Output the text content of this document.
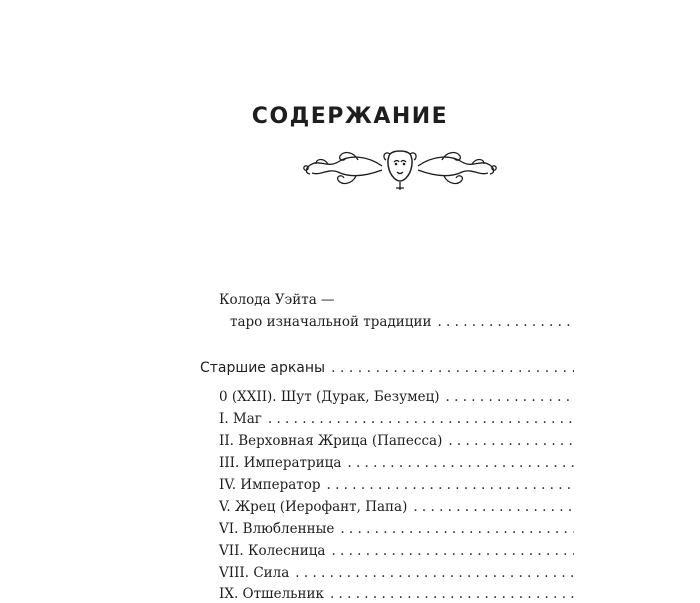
СОДЕРЖАНИЕ
Колода Уэйта —
таро изначальной традиции
. . .
Старшие арканы
. . .
0 (XXII). Шут (Дурак, Безумец)
. . .
I. Маг
. . .
II. Верховная Жрица (Папесса)
. . .
III. Императрица
. . .
IV. Император
. . .
V. Жрец (Иерофант, Папа)
. . .
VI. Влюбленные
. . .
VII. Колесница
. . .
VIII. Сила
. . .
IX. Отшельник
. . .
